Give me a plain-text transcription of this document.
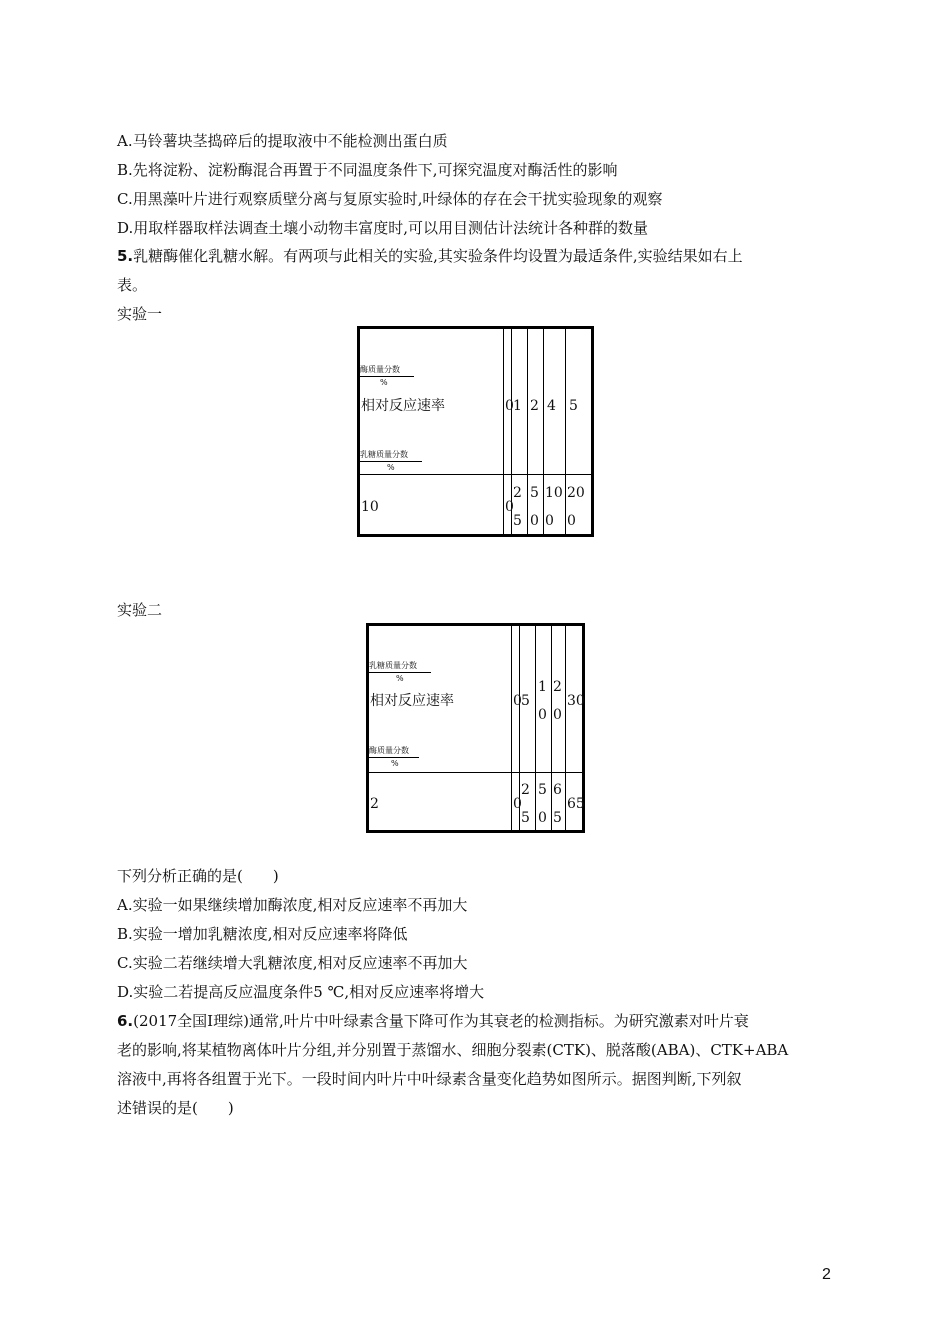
A.马铃薯块茎捣碎后的提取液中不能检测出蛋白质
B.先将淀粉、淀粉酶混合再置于不同温度条件下,可探究温度对酶活性的影响
C.用黑藻叶片进行观察质壁分离与复原实验时,叶绿体的存在会干扰实验现象的观察
D.用取样器取样法调查土壤小动物丰富度时,可以用目测估计法统计各种群的数量
5.乳糖酶催化乳糖水解。有两项与此相关的实验,其实验条件均设置为最适条件,实验结果如右上
表。
实验一
酶质量分数
%
相对反应速率
乳糖质量分数
%
0 1 2 4 5
10	0
2
5
5
0
10
0
20
0
实验二
乳糖质量分数
%
相对反应速率
酶质量分数
%
0 5
1
0
2
0
30
2	0
2
5
5
0
6
5
65
下列分析正确的是(　　)
A.实验一如果继续增加酶浓度,相对反应速率不再加大
B.实验一增加乳糖浓度,相对反应速率将降低
C.实验二若继续增大乳糖浓度,相对反应速率不再加大
D.实验二若提高反应温度条件5 ℃,相对反应速率将增大
6.(2017全国Ⅰ理综)通常,叶片中叶绿素含量下降可作为其衰老的检测指标。为研究激素对叶片衰
老的影响,将某植物离体叶片分组,并分别置于蒸馏水、细胞分裂素(CTK)、脱落酸(ABA)、CTK+ABA
溶液中,再将各组置于光下。一段时间内叶片中叶绿素含量变化趋势如图所示。据图判断,下列叙
述错误的是(　　)
2
